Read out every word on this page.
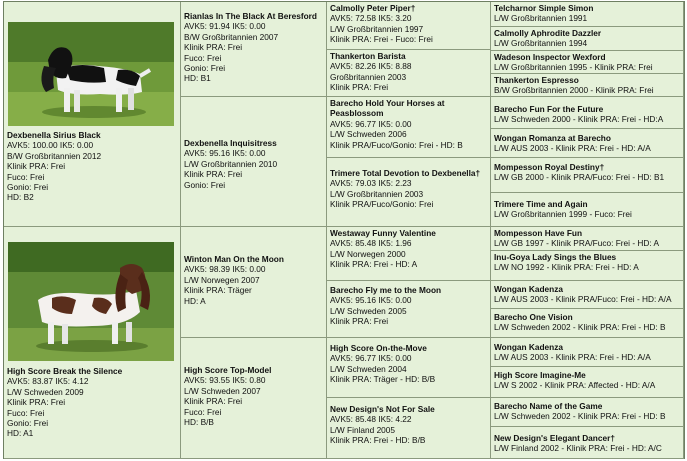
Dexbenella Sirius Black
AVK5: 100.00 IK5: 0.00
B/W Großbritannien 2012
Klinik PRA: Frei
Fuco: Frei
Gonio: Frei
HD: B2
High Score Break the Silence
AVK5: 83.87 IK5: 4.12
L/W Schweden 2009
Klinik PRA: Frei
Fuco: Frei
Gonio: Frei
HD: A1
Rianlas In The Black At Beresford
AVK5: 91.94 IK5: 0.00
B/W Großbritannien 2007
Klinik PRA: Frei
Fuco: Frei
Gonio: Frei
HD: B1
Dexbenella Inquisitress
AVK5: 95.16 IK5: 0.00
L/W Großbritannien 2010
Klinik PRA: Frei
Gonio: Frei
Winton Man On the Moon
AVK5: 98.39 IK5: 0.00
L/W Norwegen 2007
Klinik PRA: Träger
HD: A
High Score Top-Model
AVK5: 93.55 IK5: 0.80
L/W Schweden 2007
Klinik PRA: Frei
Fuco: Frei
HD: B/B
Calmolly Peter Piper†
AVK5: 72.58 IK5: 3.20
L/W Großbritannien 1997
Klinik PRA: Frei - Fuco: Frei
Thankerton Barista
AVK5: 82.26 IK5: 8.88
Großbritannien 2003
Klinik PRA: Frei
Barecho Hold Your Horses at Peasblossom
AVK5: 96.77 IK5: 0.00
L/W Schweden 2006
Klinik PRA/Fuco/Gonio: Frei - HD: B
Trimere Total Devotion to Dexbenella†
AVK5: 79.03 IK5: 2.23
L/W Großbritannien 2003
Klinik PRA/Fuco/Gonio: Frei
Westaway Funny Valentine
AVK5: 85.48 IK5: 1.96
L/W Norwegen 2000
Klinik PRA: Frei - HD: A
Barecho Fly me to the Moon
AVK5: 95.16 IK5: 0.00
L/W Schweden 2005
Klinik PRA: Frei
High Score On-the-Move
AVK5: 96.77 IK5: 0.00
L/W Schweden 2004
Klinik PRA: Träger - HD: B/B
New Design's Not For Sale
AVK5: 85.48 IK5: 4.22
L/W Finland 2005
Klinik PRA: Frei - HD: B/B
Telcharnor Simple Simon
L/W Großbritannien 1991
Calmolly Aphrodite Dazzler
L/W Großbritannien 1994
Wadeson Inspector Wexford
L/W Großbritannien 1995 - Klinik PRA: Frei
Thankerton Espresso
B/W Großbritannien 2000 - Klinik PRA: Frei
Barecho Fun For the Future
L/W Schweden 2000 - Klinik PRA: Frei - HD:A
Wongan Romanza at Barecho
L/W AUS 2003 - Klinik PRA: Frei - HD: A/A
Mompesson Royal Destiny†
L/W GB 2000 - Klinik PRA/Fuco: Frei - HD: B1
Trimere Time and Again
L/W Großbritannien 1999 - Fuco: Frei
Mompesson Have Fun
L/W GB 1997 - Klinik PRA/Fuco: Frei - HD: A
Inu-Goya Lady Sings the Blues
L/W NO 1992 - Klinik PRA: Frei - HD: A
Wongan Kadenza
L/W AUS 2003 - Klinik PRA/Fuco: Frei - HD: A/A
Barecho One Vision
L/W Schweden 2002 - Klinik PRA: Frei - HD: B
Wongan Kadenza
L/W AUS 2003 - Klinik PRA: Frei - HD: A/A
High Score Imagine-Me
L/W S 2002 - Klinik PRA: Affected - HD: A/A
Barecho Name of the Game
L/W Schweden 2002 - Klinik PRA: Frei - HD: B
New Design's Elegant Dancer†
L/W Finland 2002 - Klinik PRA: Frei - HD: A/C
